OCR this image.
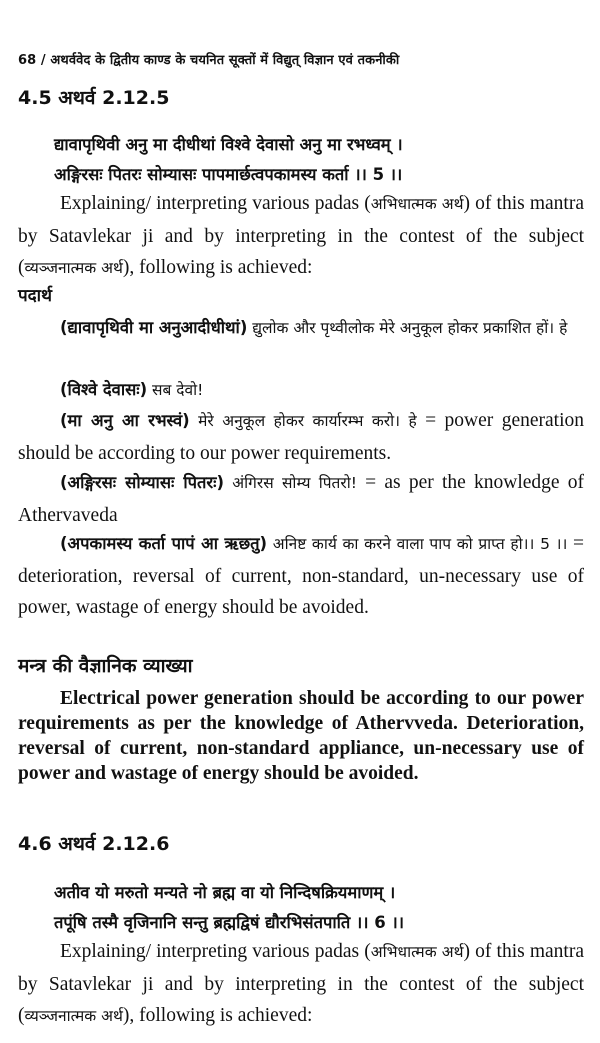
68 / अथर्ववेद के द्वितीय काण्ड के चयनित सूक्तों में विद्युत् विज्ञान एवं तकनीकी
4.5 अथर्व 2.12.5
द्यावापृथिवी अनु मा दीधीथां विश्वे देवासो अनु मा रभध्वम् ।
अङ्गिरसः पितरः सोम्यासः पापमार्छत्वपकामस्य कर्ता ।। 5 ।।
Explaining/ interpreting various padas (अभिधात्मक अर्थ) of this mantra by Satavlekar ji and by interpreting in the contest of the subject (व्यञ्जनात्मक अर्थ), following is achieved:
पदार्थ
(द्यावापृथिवी मा अनुआदीधीथां) द्युलोक और पृथ्वीलोक मेरे अनुकूल होकर प्रकाशित हों। हे
(विश्वे देवासः) सब देवो!
(मा अनु आ रभस्वं) मेरे अनुकूल होकर कार्यारम्भ करो। हे = power generation should be according to our power requirements.
(अङ्गिरसः सोम्यासः पितरः) अंगिरस सोम्य पितरो! = as per the knowledge of Athervaveda
(अपकामस्य कर्ता पापं आ ऋछतु) अनिष्ट कार्य का करने वाला पाप को प्राप्त हो।। 5 ।। = deterioration, reversal of current, non-standard, un-necessary use of power, wastage of energy should be avoided.
मन्त्र की वैज्ञानिक व्याख्या
Electrical power generation should be according to our power requirements as per the knowledge of Athervveda. Deterioration, reversal of current, non-standard appliance, un-necessary use of power and wastage of energy should be avoided.
4.6 अथर्व 2.12.6
अतीव यो मरुतो मन्यते नो ब्रह्म वा यो निन्दिषक्रियमाणम् ।
तपूंषि तस्मै वृजिनानि सन्तु ब्रह्मद्विषं द्यौरभिसंतपाति ।। 6 ।।
Explaining/ interpreting various padas (अभिधात्मक अर्थ) of this mantra by Satavlekar ji and by interpreting in the contest of the subject (व्यञ्जनात्मक अर्थ), following is achieved:
